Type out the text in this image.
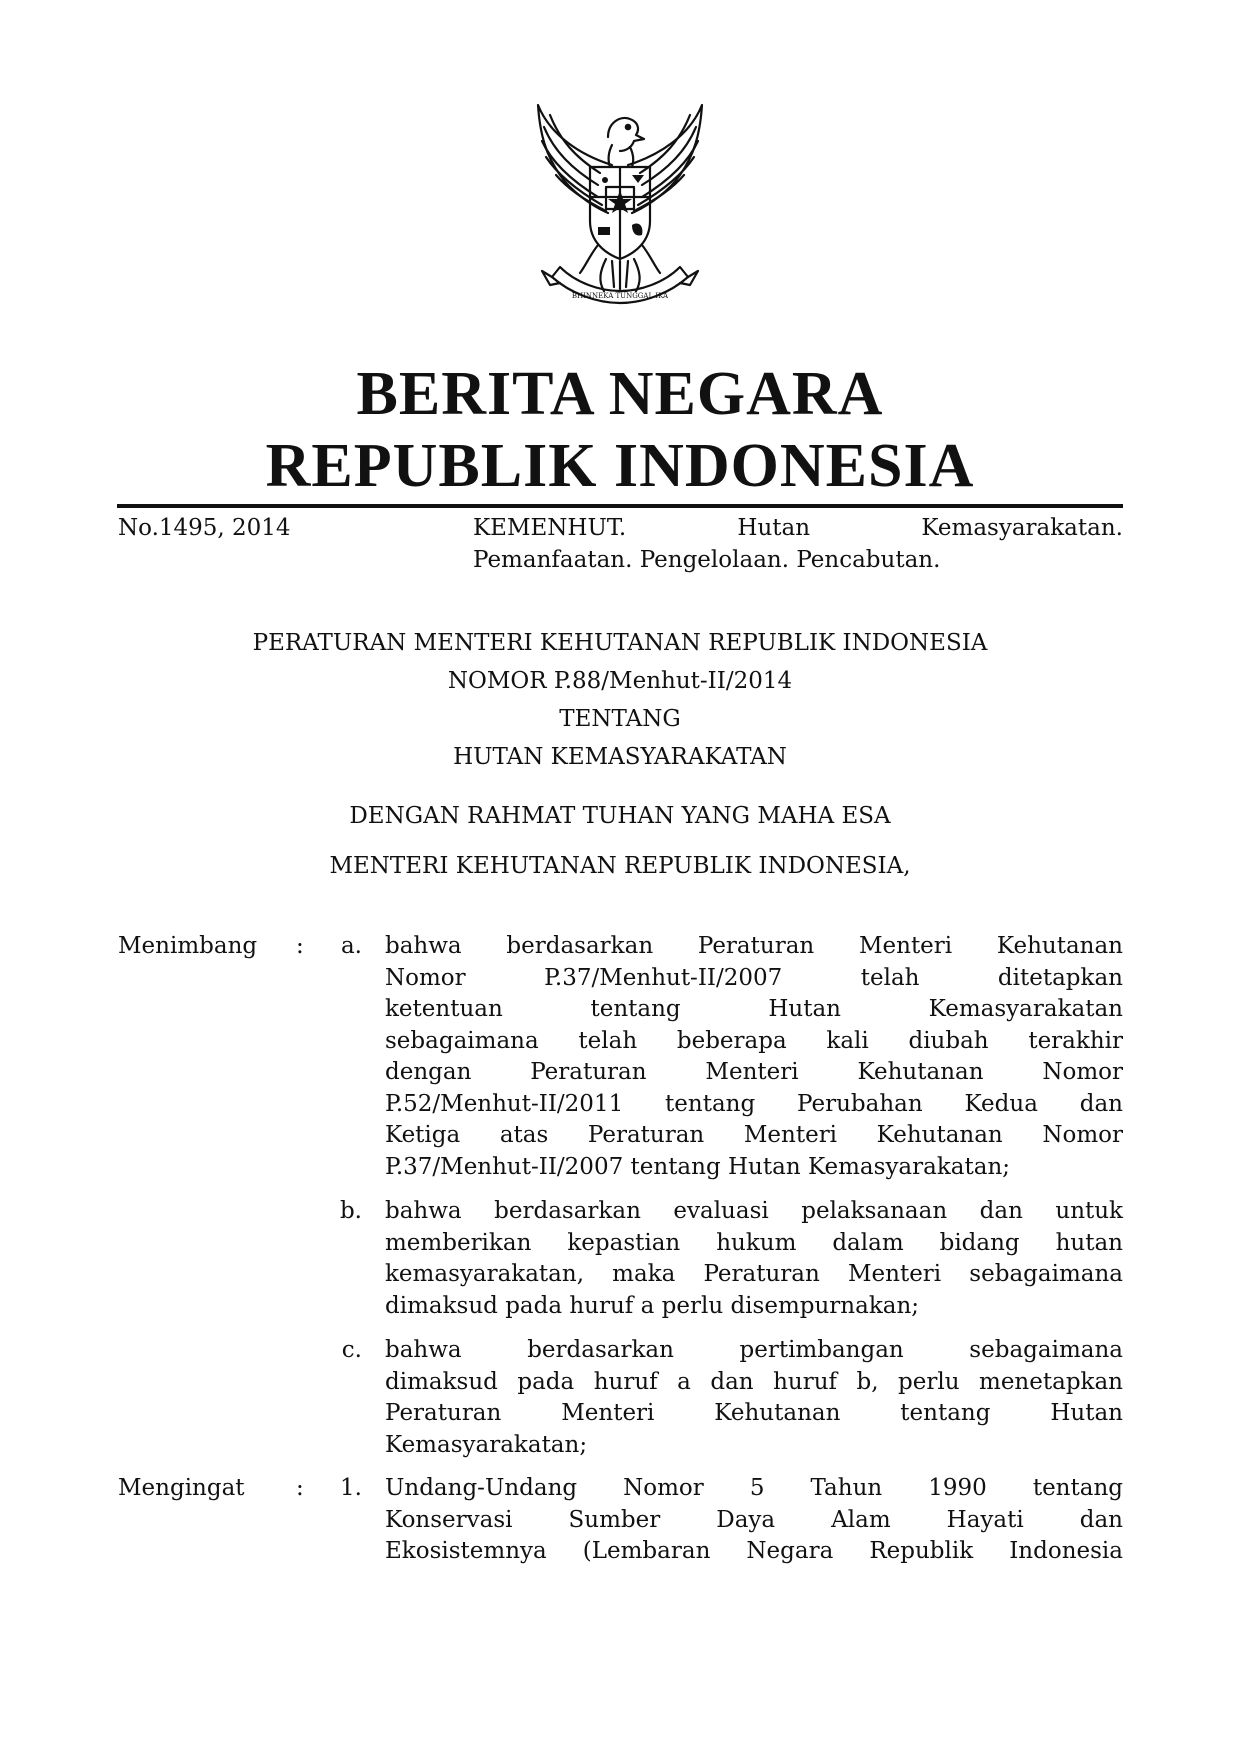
BHINNEKA TUNGGAL IKA
BERITA NEGARA
REPUBLIK INDONESIA
No.1495, 2014	KEMENHUT.	Hutan	Kemasyarakatan.
Pemanfaatan. Pengelolaan. Pencabutan.
PERATURAN MENTERI KEHUTANAN REPUBLIK INDONESIA
NOMOR P.88/Menhut-II/2014
TENTANG
HUTAN KEMASYARAKATAN
DENGAN RAHMAT TUHAN YANG MAHA ESA
MENTERI KEHUTANAN REPUBLIK INDONESIA,
Menimbang :	a. bahwa berdasarkan Peraturan Menteri Kehutanan
Nomor P.37/Menhut-II/2007 telah ditetapkan
ketentuan tentang Hutan Kemasyarakatan
sebagaimana telah beberapa kali diubah terakhir
dengan Peraturan Menteri Kehutanan Nomor
P.52/Menhut-II/2011 tentang Perubahan Kedua dan
Ketiga atas Peraturan Menteri Kehutanan Nomor
P.37/Menhut-II/2007 tentang Hutan Kemasyarakatan;
b. bahwa berdasarkan evaluasi pelaksanaan dan untuk
memberikan kepastian hukum dalam bidang hutan
kemasyarakatan, maka Peraturan Menteri sebagaimana
dimaksud pada huruf a perlu disempurnakan;
c. bahwa berdasarkan pertimbangan sebagaimana
dimaksud pada huruf a dan huruf b, perlu menetapkan
Peraturan Menteri Kehutanan tentang Hutan
Kemasyarakatan;
Mengingat :	1. Undang-Undang Nomor 5 Tahun 1990 tentang
Konservasi Sumber Daya Alam Hayati dan
Ekosistemnya (Lembaran Negara Republik Indonesia
